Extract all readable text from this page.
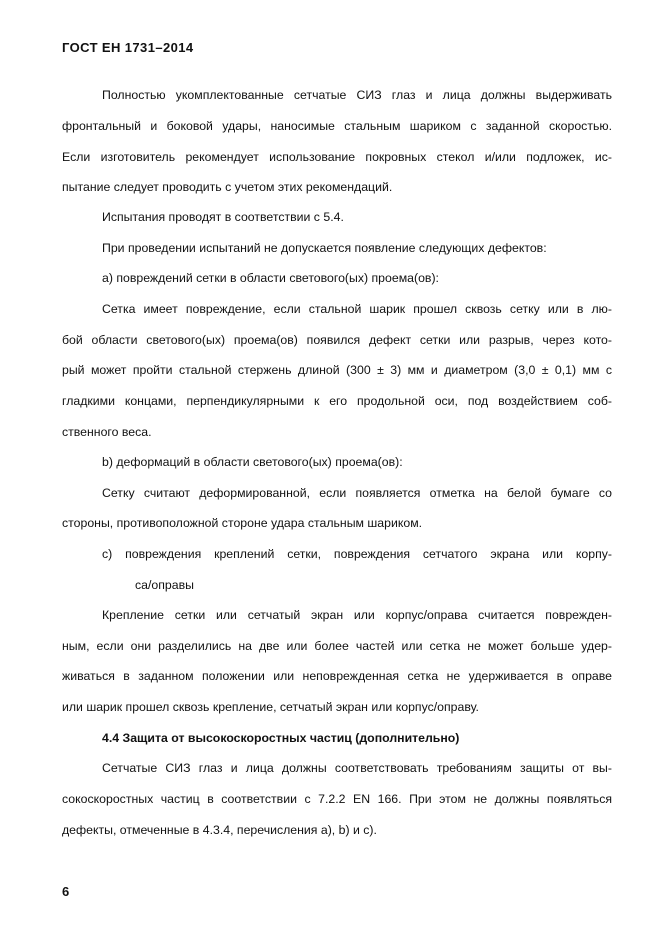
ГОСТ EH 1731–2014
Полностью укомплектованные сетчатые СИЗ глаз и лица должны выдерживать
фронтальный и боковой удары, наносимые стальным шариком с заданной скоростью.
Если изготовитель рекомендует использование покровных стекол и/или подложек, ис-
пытание следует проводить с учетом этих рекомендаций.
Испытания проводят в соответствии с 5.4.
При проведении испытаний не допускается появление следующих дефектов:
a) повреждений сетки в области светового(ых) проема(ов):
Сетка имеет повреждение, если стальной шарик прошел сквозь сетку или в лю-
бой области светового(ых) проема(ов) появился дефект сетки или разрыв, через кото-
рый может пройти стальной стержень длиной (300 ± 3) мм и диаметром (3,0 ± 0,1) мм с
гладкими концами, перпендикулярными к его продольной оси, под воздействием соб-
ственного веса.
b) деформаций в области светового(ых) проема(ов):
Сетку считают деформированной, если появляется отметка на белой бумаге со
стороны, противоположной стороне удара стальным шариком.
c) повреждения креплений сетки, повреждения сетчатого экрана или корпу-
са/оправы
Крепление сетки или сетчатый экран или корпус/оправа считается поврежден-
ным, если они разделились на две или более частей или сетка не может больше удер-
живаться в заданном положении или неповрежденная сетка не удерживается в оправе
или шарик прошел сквозь крепление, сетчатый экран или корпус/оправу.
4.4 Защита от высокоскоростных частиц (дополнительно)
Сетчатые СИЗ глаз и лица должны соответствовать требованиям защиты от вы-
сокоскоростных частиц в соответствии с 7.2.2 EN 166. При этом не должны появляться
дефекты, отмеченные в 4.3.4, перечисления а), b) и с).
6
